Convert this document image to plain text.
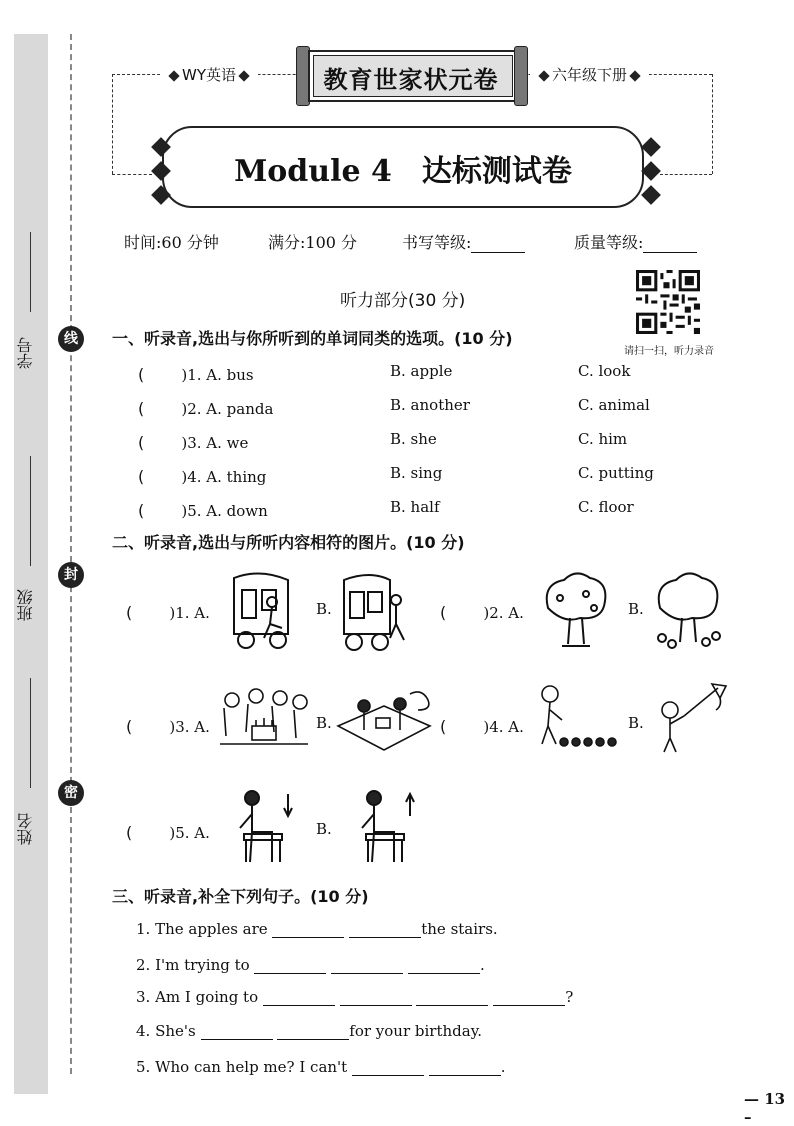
学号
班级
姓名
线
封
密
WY英语	六年级下册
教育世家状元卷
Module 4　达标测试卷
时间:60 分钟	满分:100 分	书写等级:	质量等级:
听力部分(30 分)
请扫一扫，听力录音
一、听录音,选出与你所听到的单词同类的选项。(10 分)
(　　 )1. A. bus	B. apple	C. look
(　　 )2. A. panda	B. another	C. animal
(　　 )3. A. we	B. she	C. him
(　　 )4. A. thing	B. sing	C. putting
(　　 )5. A. down	B. half	C. floor
二、听录音,选出与所听内容相符的图片。(10 分)
(　　 )1. A.	B.	(　　 )2. A.	B.
(　　 )3. A.	B.	(　　 )4. A.	B.
(　　 )5. A.	B.
三、听录音,补全下列句子。(10 分)
1. The apples are	the stairs.
2. I'm trying to	.
3. Am I going to	?
4. She's	for your birthday.
5. Who can help me? I can't	.
— 13 –
